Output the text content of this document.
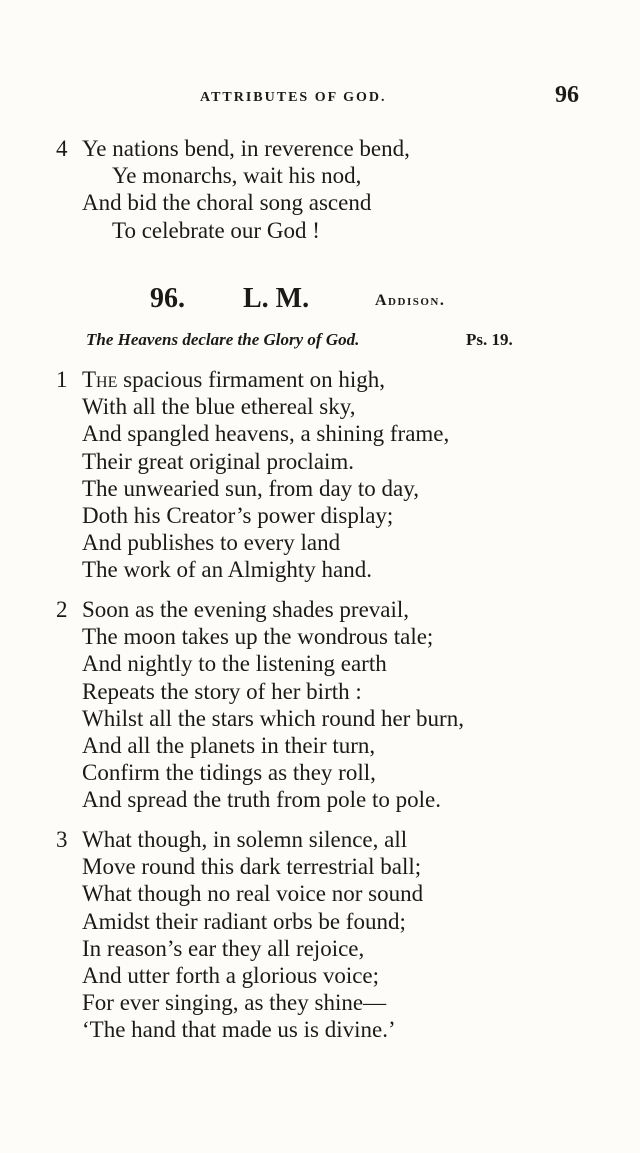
ATTRIBUTES OF GOD.	96
4 Ye nations bend, in reverence bend,
Ye monarchs, wait his nod,
And bid the choral song ascend
To celebrate our God !
96. L. M.	Addison.
The Heavens declare the Glory of God.	Ps. 19.
1 The spacious firmament on high,
With all the blue ethereal sky,
And spangled heavens, a shining frame,
Their great original proclaim.
The unwearied sun, from day to day,
Doth his Creator’s power display;
And publishes to every land
The work of an Almighty hand.
2 Soon as the evening shades prevail,
The moon takes up the wondrous tale;
And nightly to the listening earth
Repeats the story of her birth :
Whilst all the stars which round her burn,
And all the planets in their turn,
Confirm the tidings as they roll,
And spread the truth from pole to pole.
3 What though, in solemn silence, all
Move round this dark terrestrial ball;
What though no real voice nor sound
Amidst their radiant orbs be found;
In reason’s ear they all rejoice,
And utter forth a glorious voice;
For ever singing, as they shine—
‘The hand that made us is divine.’
